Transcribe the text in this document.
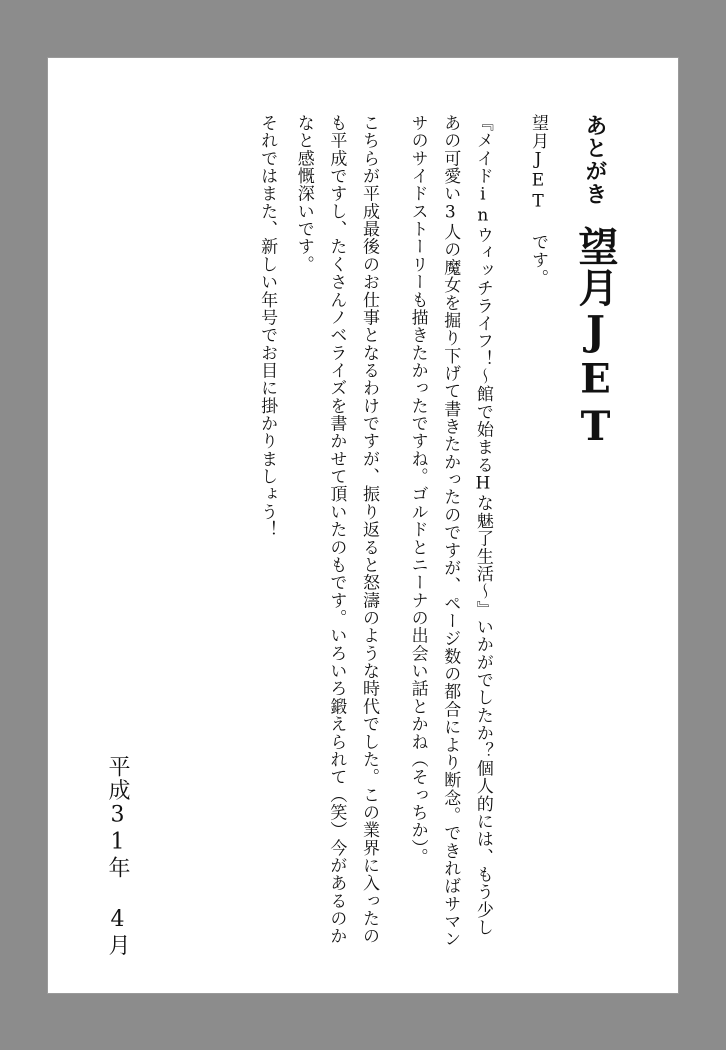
あとがき 望月JET
望月JET です。
『メイドinウィッチライフ！～館で始まるHな魅了生活～』いかがでしたか？個人的には、もう少しあの可愛い3人の魔女を掘り下げて書きたかったのですが、ページ数の都合により断念。できればサマンサのサイドストーリーも描きたかったですね。ゴルドとニーナの出会い話とかね（そっちか）。
こちらが平成最後のお仕事となるわけですが、振り返ると怒濤のような時代でした。この業界に入ったのも平成ですし、たくさんノベライズを書かせて頂いたのもです。いろいろ鍛えられて（笑）今があるのかなと感慨深いです。
それではまた、新しい年号でお目に掛かりましょう！
平成31年 4月
